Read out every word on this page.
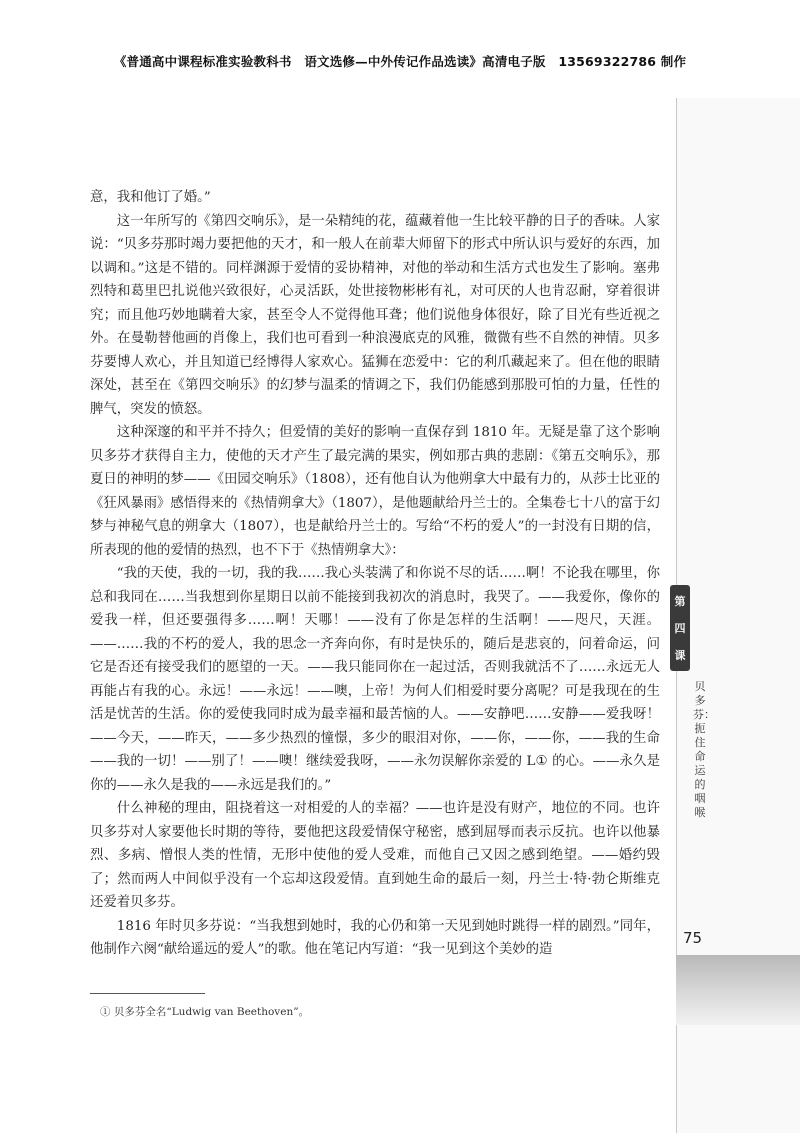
《普通高中课程标准实验教科书　语文选修—中外传记作品选读》高清电子版　13569322786 制作
第
四
课
贝多芬：扼住命运的咽喉
75

意，我和他订了婚。”

这一年所写的《第四交响乐》，是一朵精纯的花，蕴藏着他一生比较平静的日子的香味。人家说：“贝多芬那时竭力要把他的天才，和一般人在前辈大师留下的形式中所认识与爱好的东西，加以调和。”这是不错的。同样渊源于爱情的妥协精神，对他的举动和生活方式也发生了影响。塞弗烈特和葛里巴扎说他兴致很好，心灵活跃，处世接物彬彬有礼，对可厌的人也肯忍耐，穿着很讲究；而且他巧妙地瞒着大家，甚至令人不觉得他耳聋；他们说他身体很好，除了目光有些近视之外。在曼勒替他画的肖像上，我们也可看到一种浪漫底克的风雅，微微有些不自然的神情。贝多芬要博人欢心，并且知道已经博得人家欢心。猛狮在恋爱中：它的利爪藏起来了。但在他的眼睛深处，甚至在《第四交响乐》的幻梦与温柔的情调之下，我们仍能感到那股可怕的力量，任性的脾气，突发的愤怒。

这种深邃的和平并不持久；但爱情的美好的影响一直保存到 1810 年。无疑是靠了这个影响贝多芬才获得自主力，使他的天才产生了最完满的果实，例如那古典的悲剧：《第五交响乐》，那夏日的神明的梦——《田园交响乐》（1808），还有他自认为他朔拿大中最有力的，从莎士比亚的《狂风暴雨》感悟得来的《热情朔拿大》（1807），是他题献给丹兰士的。全集卷七十八的富于幻梦与神秘气息的朔拿大（1807），也是献给丹兰士的。写给“不朽的爱人”的一封没有日期的信，所表现的他的爱情的热烈，也不下于《热情朔拿大》：

“我的天使，我的一切，我的我……我心头装满了和你说不尽的话……啊！不论我在哪里，你总和我同在……当我想到你星期日以前不能接到我初次的消息时，我哭了。——我爱你，像你的爱我一样，但还要强得多……啊！天哪！——没有了你是怎样的生活啊！——咫尺，天涯。——……我的不朽的爱人，我的思念一齐奔向你，有时是快乐的，随后是悲哀的，问着命运，问它是否还有接受我们的愿望的一天。——我只能同你在一起过活，否则我就活不了……永远无人再能占有我的心。永远！——永远！——噢，上帝！为何人们相爱时要分离呢？可是我现在的生活是忧苦的生活。你的爱使我同时成为最幸福和最苦恼的人。——安静吧……安静——爱我呀！——今天，——昨天，——多少热烈的憧憬，多少的眼泪对你，——你，——你，——我的生命——我的一切！——别了！——噢！继续爱我呀，——永勿误解你亲爱的 L① 的心。——永久是你的——永久是我的——永远是我们的。”

什么神秘的理由，阻挠着这一对相爱的人的幸福？——也许是没有财产，地位的不同。也许贝多芬对人家要他长时期的等待，要他把这段爱情保守秘密，感到屈辱而表示反抗。也许以他暴烈、多病、憎恨人类的性情，无形中使他的爱人受难，而他自己又因之感到绝望。——婚约毁了；然而两人中间似乎没有一个忘却这段爱情。直到她生命的最后一刻，丹兰士·特·勃仑斯维克还爱着贝多芬。

1816 年时贝多芬说：“当我想到她时，我的心仍和第一天见到她时跳得一样的剧烈。”同年，他制作六阕“献给遥远的爱人”的歌。他在笔记内写道：“我一见到这个美妙的造

① 贝多芬全名“Ludwig van Beethoven”。
